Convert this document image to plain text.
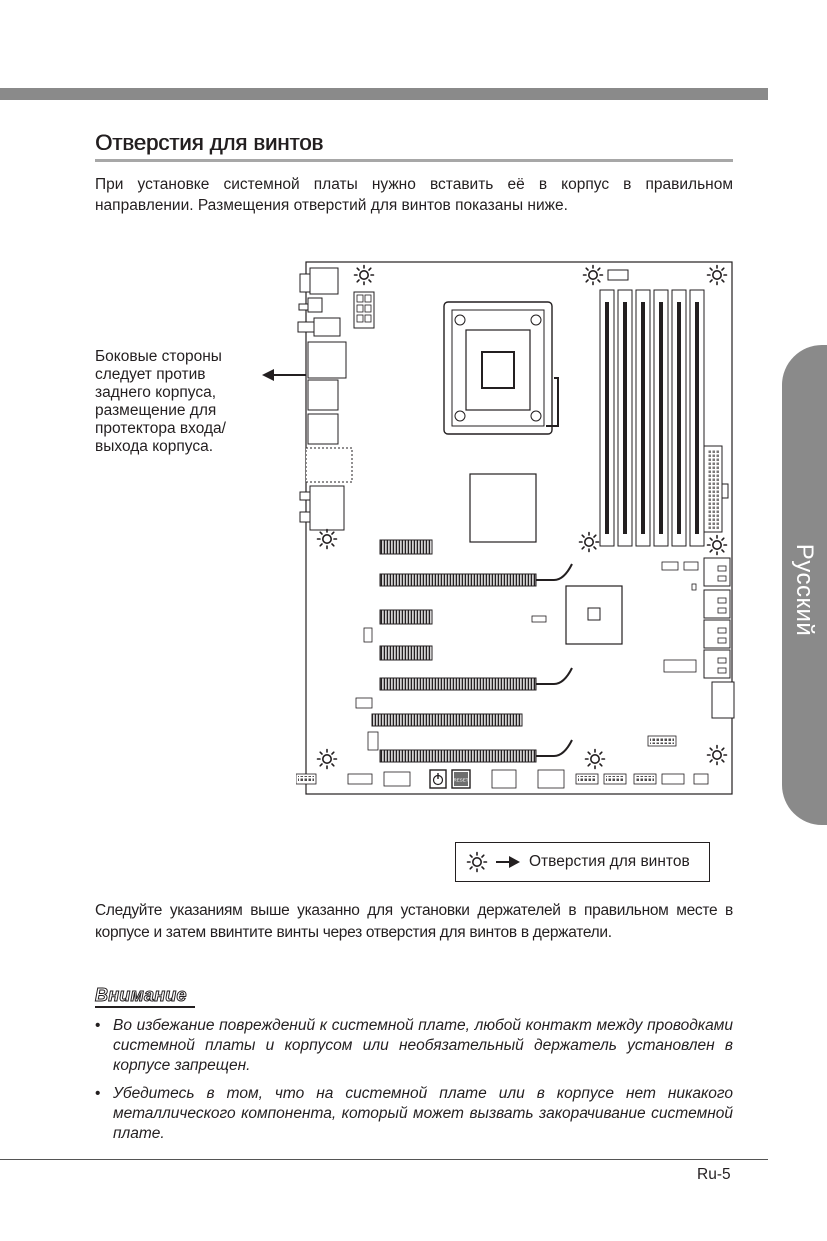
Отверстия для винтов

При установке системной платы нужно вставить её в корпус в правильном направлении. Размещения отверстий для винтов показаны ниже.

Русский

Боковые стороны следует против заднего корпуса, размещение для протектора входа/ выхода корпуса.

RESET
Отверстия для винтов

Следуйте указаниям выше указанно для установки держателей в правильном месте в корпусе и затем ввинтите винты через отверстия для винтов в держатели.

Внимание
• Во избежание повреждений к системной плате, любой контакт между проводками системной платы и корпусом или необязательный держатель установлен в корпусе запрещен.
• Убедитесь в том, что на системной плате или в корпусе нет никакого металлического компонента, который может вызвать закорачивание системной плате.
Ru-5
